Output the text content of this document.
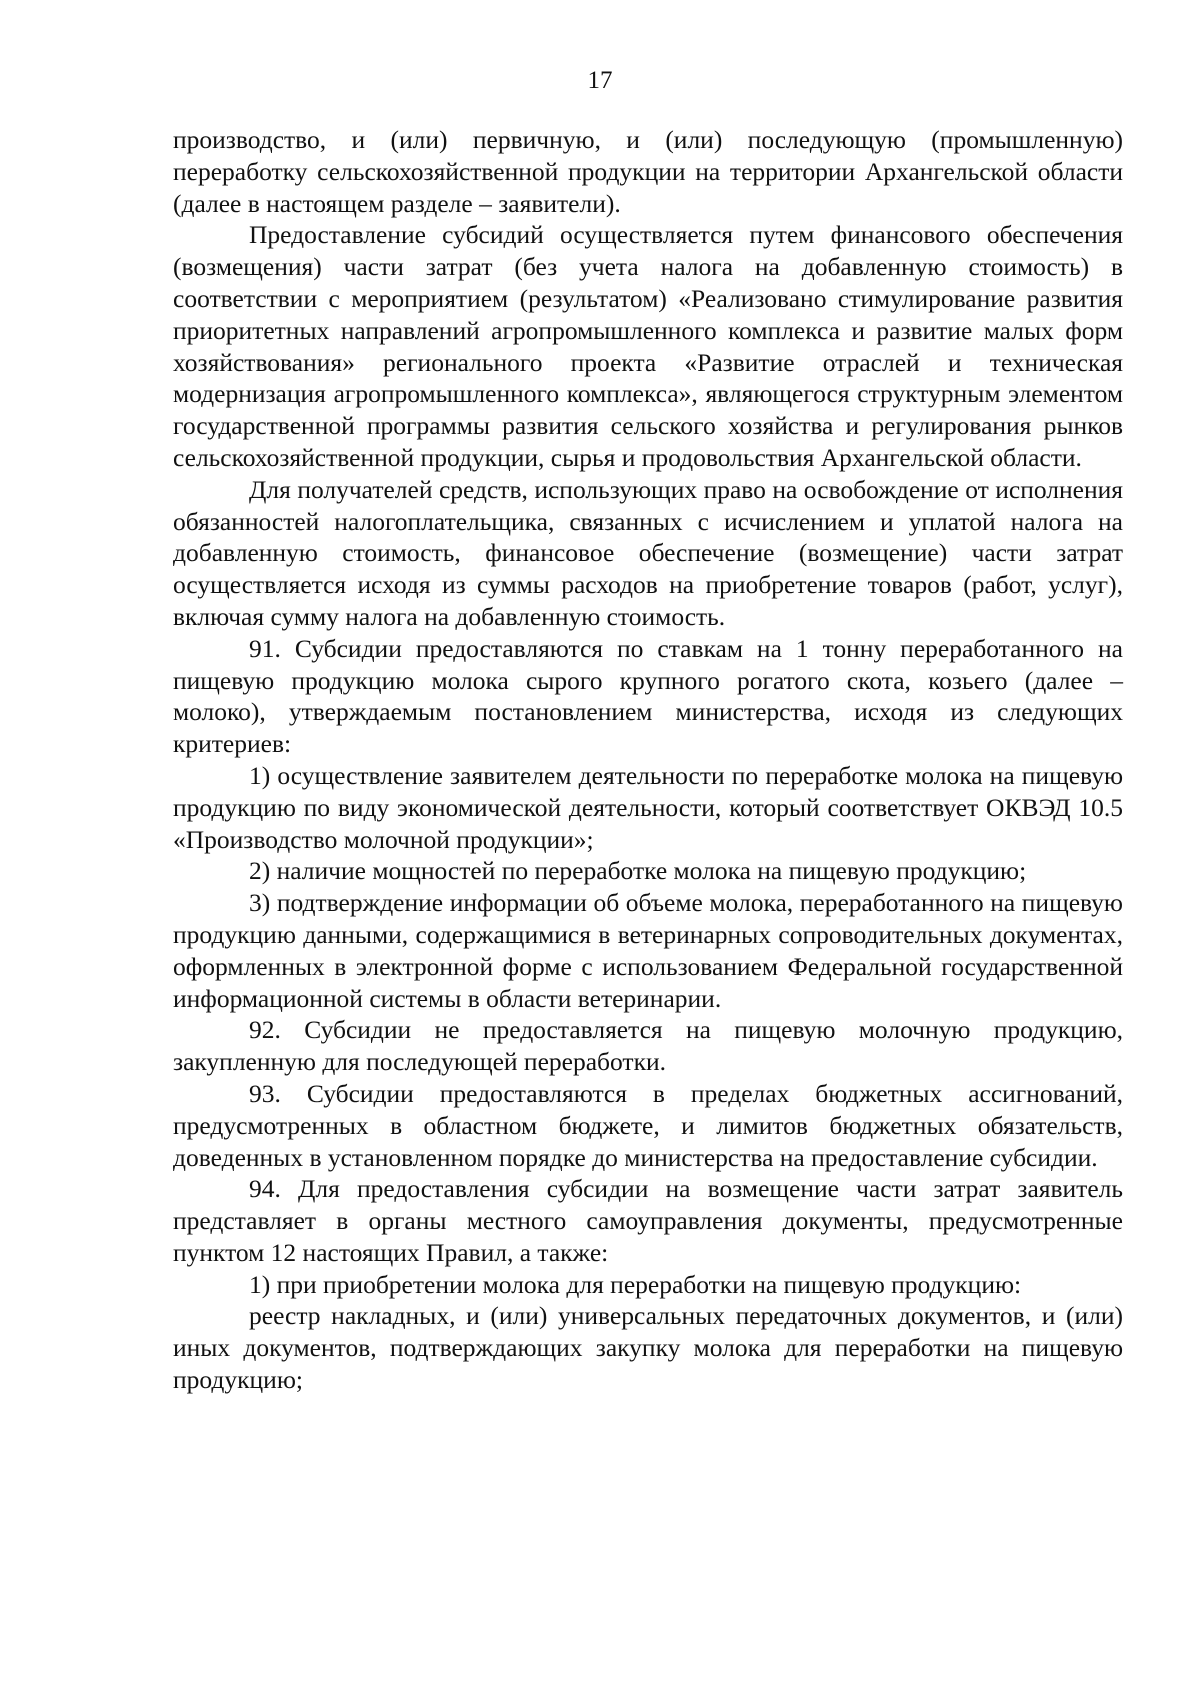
17

производство, и (или) первичную, и (или) последующую (промышленную) переработку сельскохозяйственной продукции на территории Архангельской области (далее в настоящем разделе – заявители).

Предоставление субсидий осуществляется путем финансового обеспечения (возмещения) части затрат (без учета налога на добавленную стоимость) в соответствии с мероприятием (результатом) «Реализовано стимулирование развития приоритетных направлений агропромышленного комплекса и развитие малых форм хозяйствования» регионального проекта «Развитие отраслей и техническая модернизация агропромышленного комплекса», являющегося структурным элементом государственной программы развития сельского хозяйства и регулирования рынков сельскохозяйственной продукции, сырья и продовольствия Архангельской области.

Для получателей средств, использующих право на освобождение от исполнения обязанностей налогоплательщика, связанных с исчислением и уплатой налога на добавленную стоимость, финансовое обеспечение (возмещение) части затрат осуществляется исходя из суммы расходов на приобретение товаров (работ, услуг), включая сумму налога на добавленную стоимость.

91. Субсидии предоставляются по ставкам на 1 тонну переработанного на пищевую продукцию молока сырого крупного рогатого скота, козьего (далее – молоко), утверждаемым постановлением министерства, исходя из следующих критериев:

1) осуществление заявителем деятельности по переработке молока на пищевую продукцию по виду экономической деятельности, который соответствует ОКВЭД 10.5 «Производство молочной продукции»;

2) наличие мощностей по переработке молока на пищевую продукцию;

3) подтверждение информации об объеме молока, переработанного на пищевую продукцию данными, содержащимися в ветеринарных сопроводительных документах, оформленных в электронной форме с использованием Федеральной государственной информационной системы в области ветеринарии.

92. Субсидии не предоставляется на пищевую молочную продукцию, закупленную для последующей переработки.

93. Субсидии предоставляются в пределах бюджетных ассигнований, предусмотренных в областном бюджете, и лимитов бюджетных обязательств, доведенных в установленном порядке до министерства на предоставление субсидии.

94. Для предоставления субсидии на возмещение части затрат заявитель представляет в органы местного самоуправления документы, предусмотренные пунктом 12 настоящих Правил, а также:

1) при приобретении молока для переработки на пищевую продукцию:

реестр накладных, и (или) универсальных передаточных документов, и (или) иных документов, подтверждающих закупку молока для переработки на пищевую продукцию;
